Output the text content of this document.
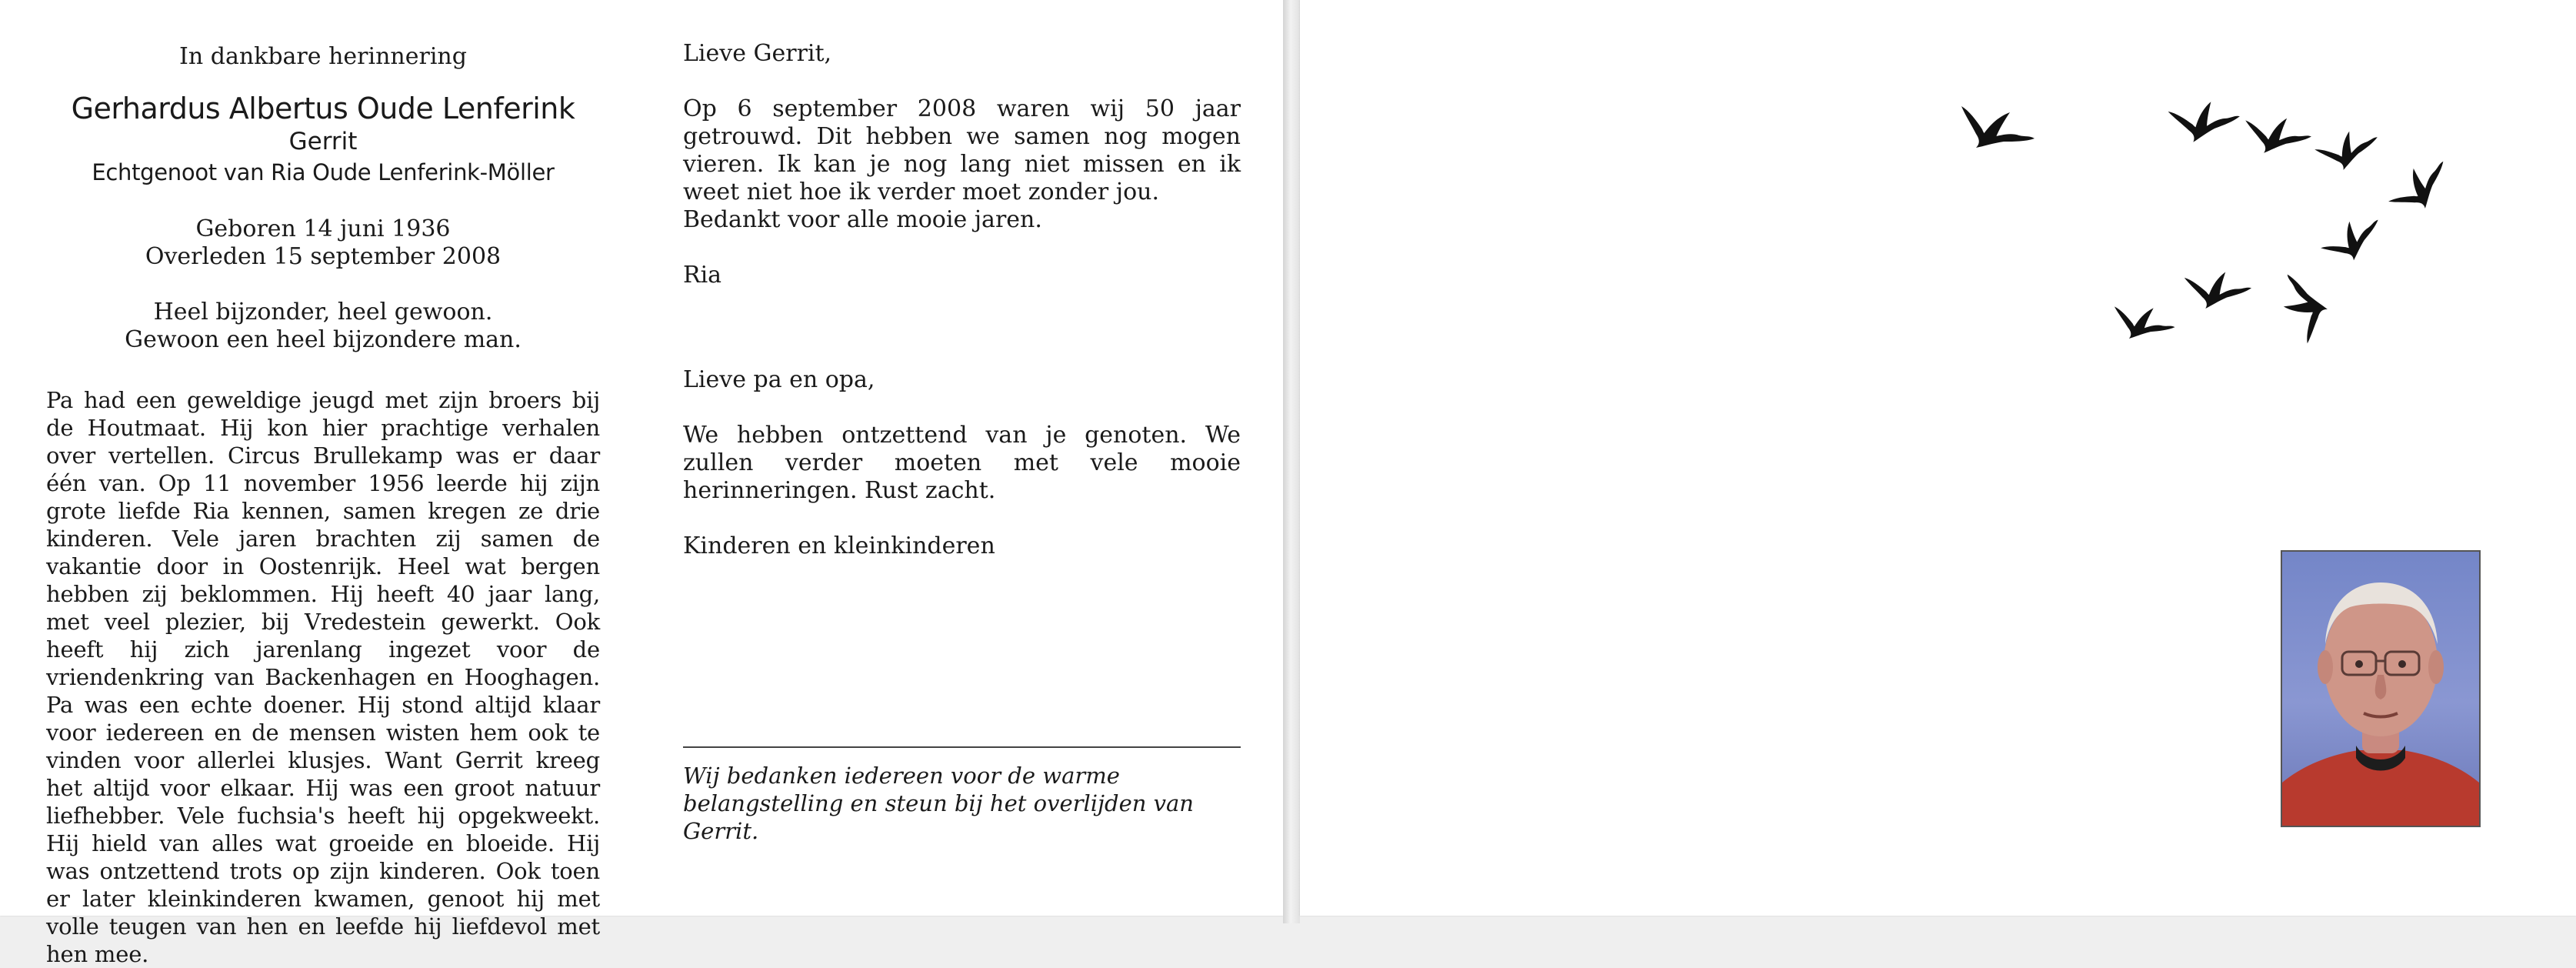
In dankbare herinnering

Gerhardus Albertus Oude Lenferink

Gerrit

Echtgenoot van Ria Oude Lenferink-Möller

Geboren 14 juni 1936

Overleden 15 september 2008

Heel bijzonder, heel gewoon.

Gewoon een heel bijzondere man.

Pa had een geweldige jeugd met zijn broers bij de Houtmaat. Hij kon hier prachtige verhalen over vertellen. Circus Brullekamp was er daar één van. Op 11 november 1956 leerde hij zijn grote liefde Ria kennen, samen kregen ze drie kinderen. Vele jaren brachten zij samen de vakantie door in Oostenrijk. Heel wat bergen hebben zij beklommen. Hij heeft 40 jaar lang, met veel plezier, bij Vredestein gewerkt. Ook heeft hij zich jarenlang ingezet voor de vriendenkring van Backenhagen en Hooghagen. Pa was een echte doener. Hij stond altijd klaar voor iedereen en de mensen wisten hem ook te vinden voor allerlei klusjes. Want Gerrit kreeg het altijd voor elkaar. Hij was een groot natuur liefhebber. Vele fuchsia's heeft hij opgekweekt. Hij hield van alles wat groeide en bloeide. Hij was ontzettend trots op zijn kinderen. Ook toen er later kleinkinderen kwamen, genoot hij met volle teugen van hen en leefde hij liefdevol met hen mee.

Lieve Gerrit,

Op 6 september 2008 waren wij 50 jaar getrouwd. Dit hebben we samen nog mogen vieren. Ik kan je nog lang niet missen en ik weet niet hoe ik verder moet zonder jou.

Bedankt voor alle mooie jaren.

Ria

Lieve pa en opa,

We hebben ontzettend van je genoten. We zullen verder moeten met vele mooie herinneringen. Rust zacht.

Kinderen en kleinkinderen

Wij bedanken iedereen voor de warme belangstelling en steun bij het overlijden van Gerrit.
